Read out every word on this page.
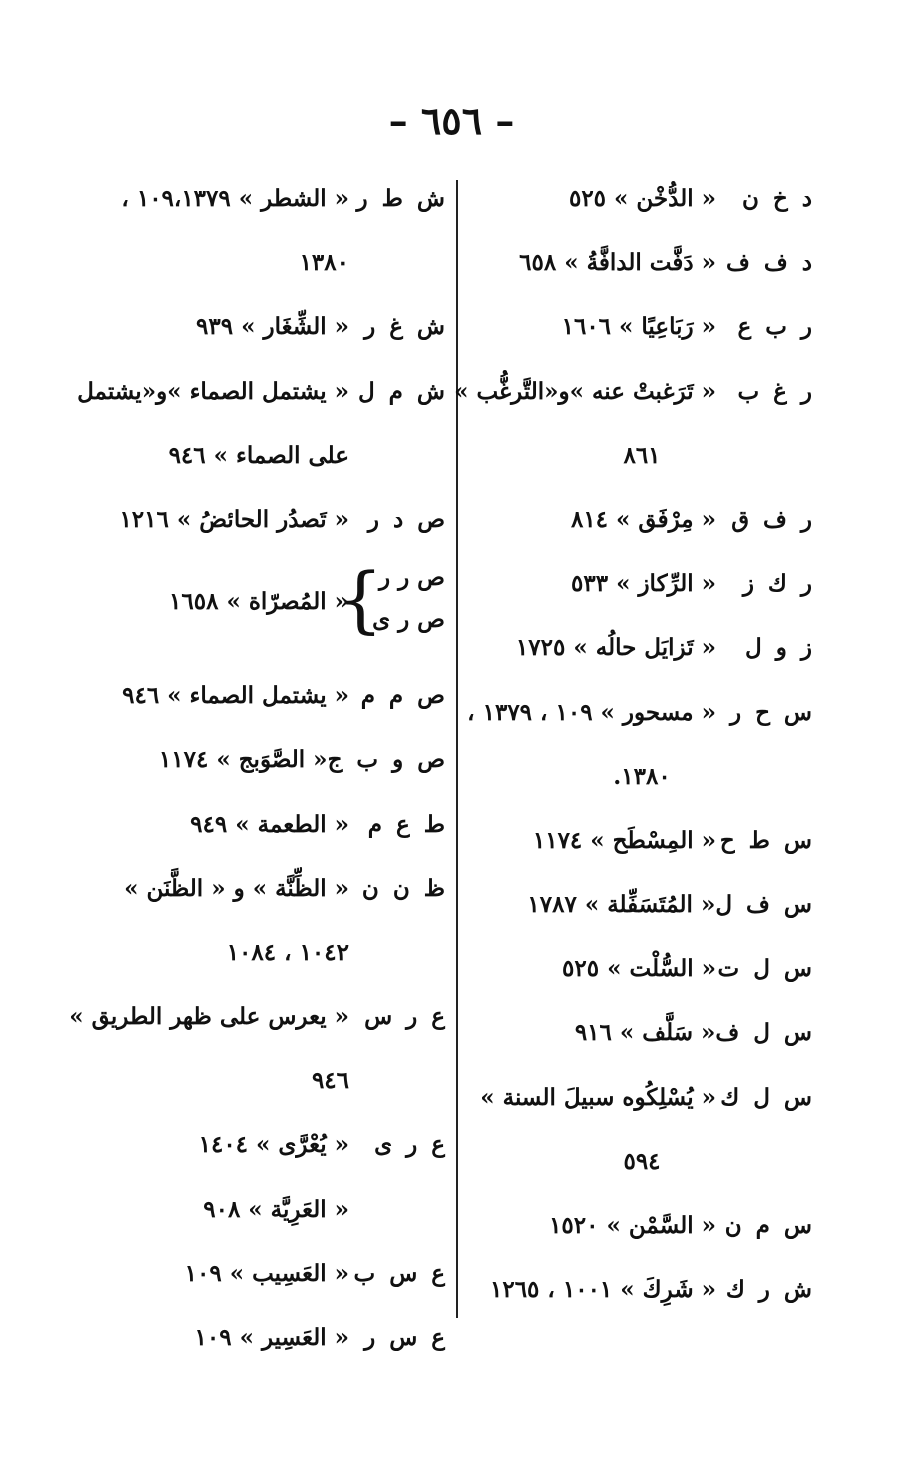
– ٦٥٦ –
د خ ن« الدُّخْن » ٥٢٥
د ف ف« دَفَّت الدافَّةُ » ٦٥٨
ر ب ع« رَبَاعِيًا » ١٦٠٦
ر غ ب« تَرَغبتْ عنه »و«التَّرغُّب »
٨٦١
ر ف ق« مِرْفَق » ٨١٤
ر ك ز« الرِّكاز » ٥٣٣
ز و ل« تَزايَل حالُه » ١٧٢٥
س ح ر« مسحور » ١٠٩ ، ١٣٧٩ ،
١٣٨٠.
س ط ح« المِسْطَح » ١١٧٤
س ف ل« المُتَسَفِّلة » ١٧٨٧
س ل ت« السُّلْت » ٥٢٥
س ل ف« سَلَّف » ٩١٦
س ل ك« يُسْلِكُوه سبيلَ السنة »
٥٩٤
س م ن« السَّمْن » ١٥٢٠
ش ر ك« شَرِكَ » ١٠٠١ ، ١٢٦٥
ش ط ر« الشطر » ١٠٩،١٣٧٩ ،
١٣٨٠
ش غ ر« الشِّغَار » ٩٣٩
ش م ل« يشتمل الصماء »و«يشتمل
على الصماء » ٩٤٦
ص د ر« تَصدُر الحائضُ » ١٢١٦
ص ر ر
ص ر ى
}
« المُصرّاة » ١٦٥٨
ص م م« يشتمل الصماء » ٩٤٦
ص و ب ج« الصَّوَبج » ١١٧٤
ط ع م« الطعمة » ٩٤٩
ظ ن ن« الظِّنَّة » و « الظَّنَن »
١٠٤٢ ، ١٠٨٤
ع ر س« يعرس على ظهر الطريق »
٩٤٦
ع ر ى« يُعْرَّى » ١٤٠٤
« العَرِيَّة » ٩٠٨
ع س ب« العَسِيب » ١٠٩
ع س ر« العَسِير » ١٠٩
